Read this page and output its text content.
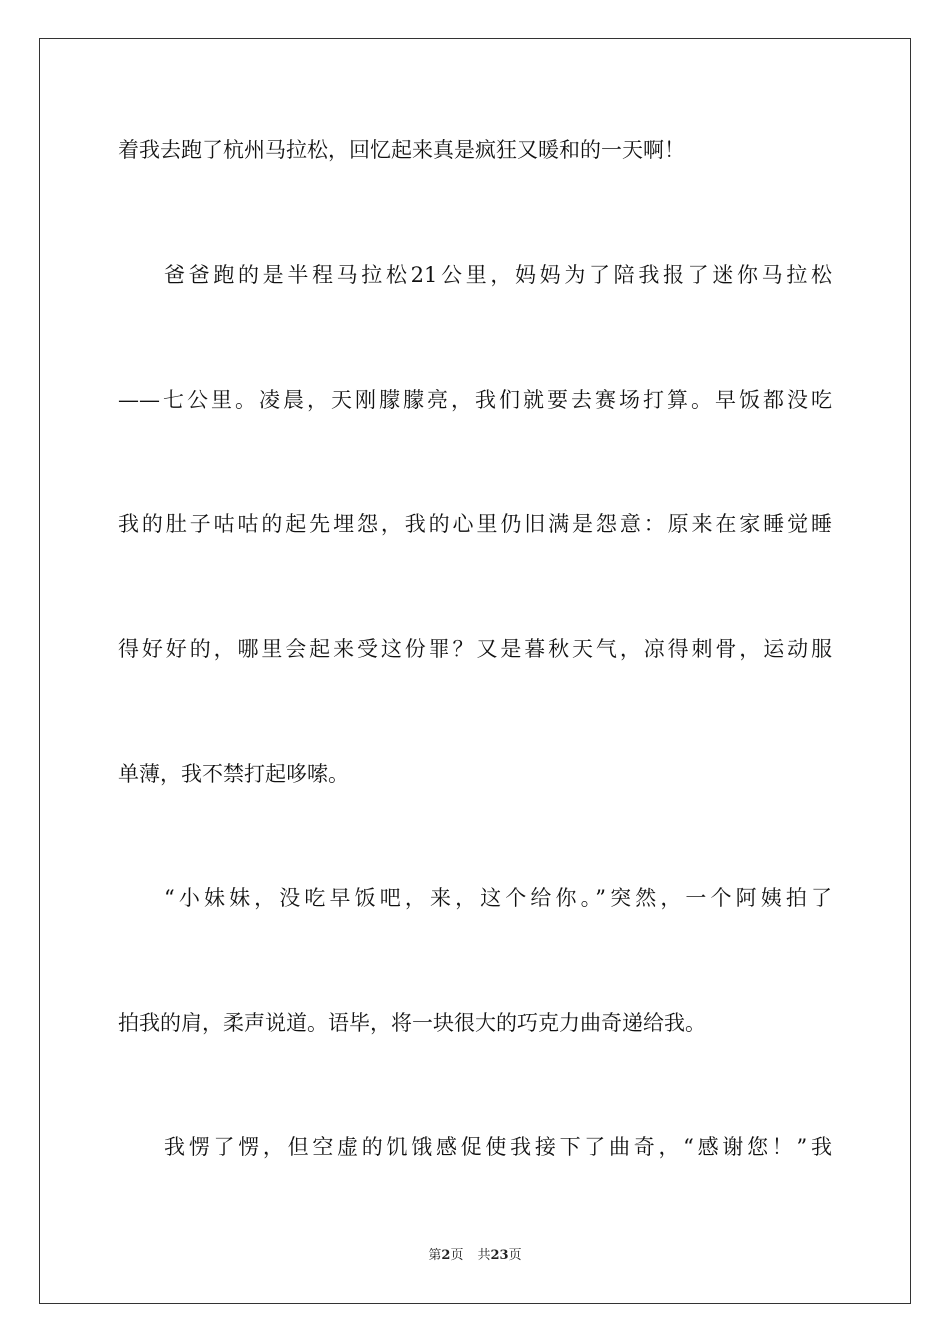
着我去跑了杭州马拉松，回忆起来真是疯狂又暖和的一天啊！
爸爸跑的是半程马拉松21公里，妈妈为了陪我报了迷你马拉松
——七公里。凌晨，天刚朦朦亮，我们就要去赛场打算。早饭都没吃
我的肚子咕咕的起先埋怨，我的心里仍旧满是怨意：原来在家睡觉睡
得好好的，哪里会起来受这份罪？又是暮秋天气，凉得刺骨，运动服
单薄，我不禁打起哆嗦。
“小妹妹，没吃早饭吧，来，这个给你。”突然，一个阿姨拍了
拍我的肩，柔声说道。语毕，将一块很大的巧克力曲奇递给我。
我愣了愣，但空虚的饥饿感促使我接下了曲奇，“感谢您！”我
第2页 共23页
